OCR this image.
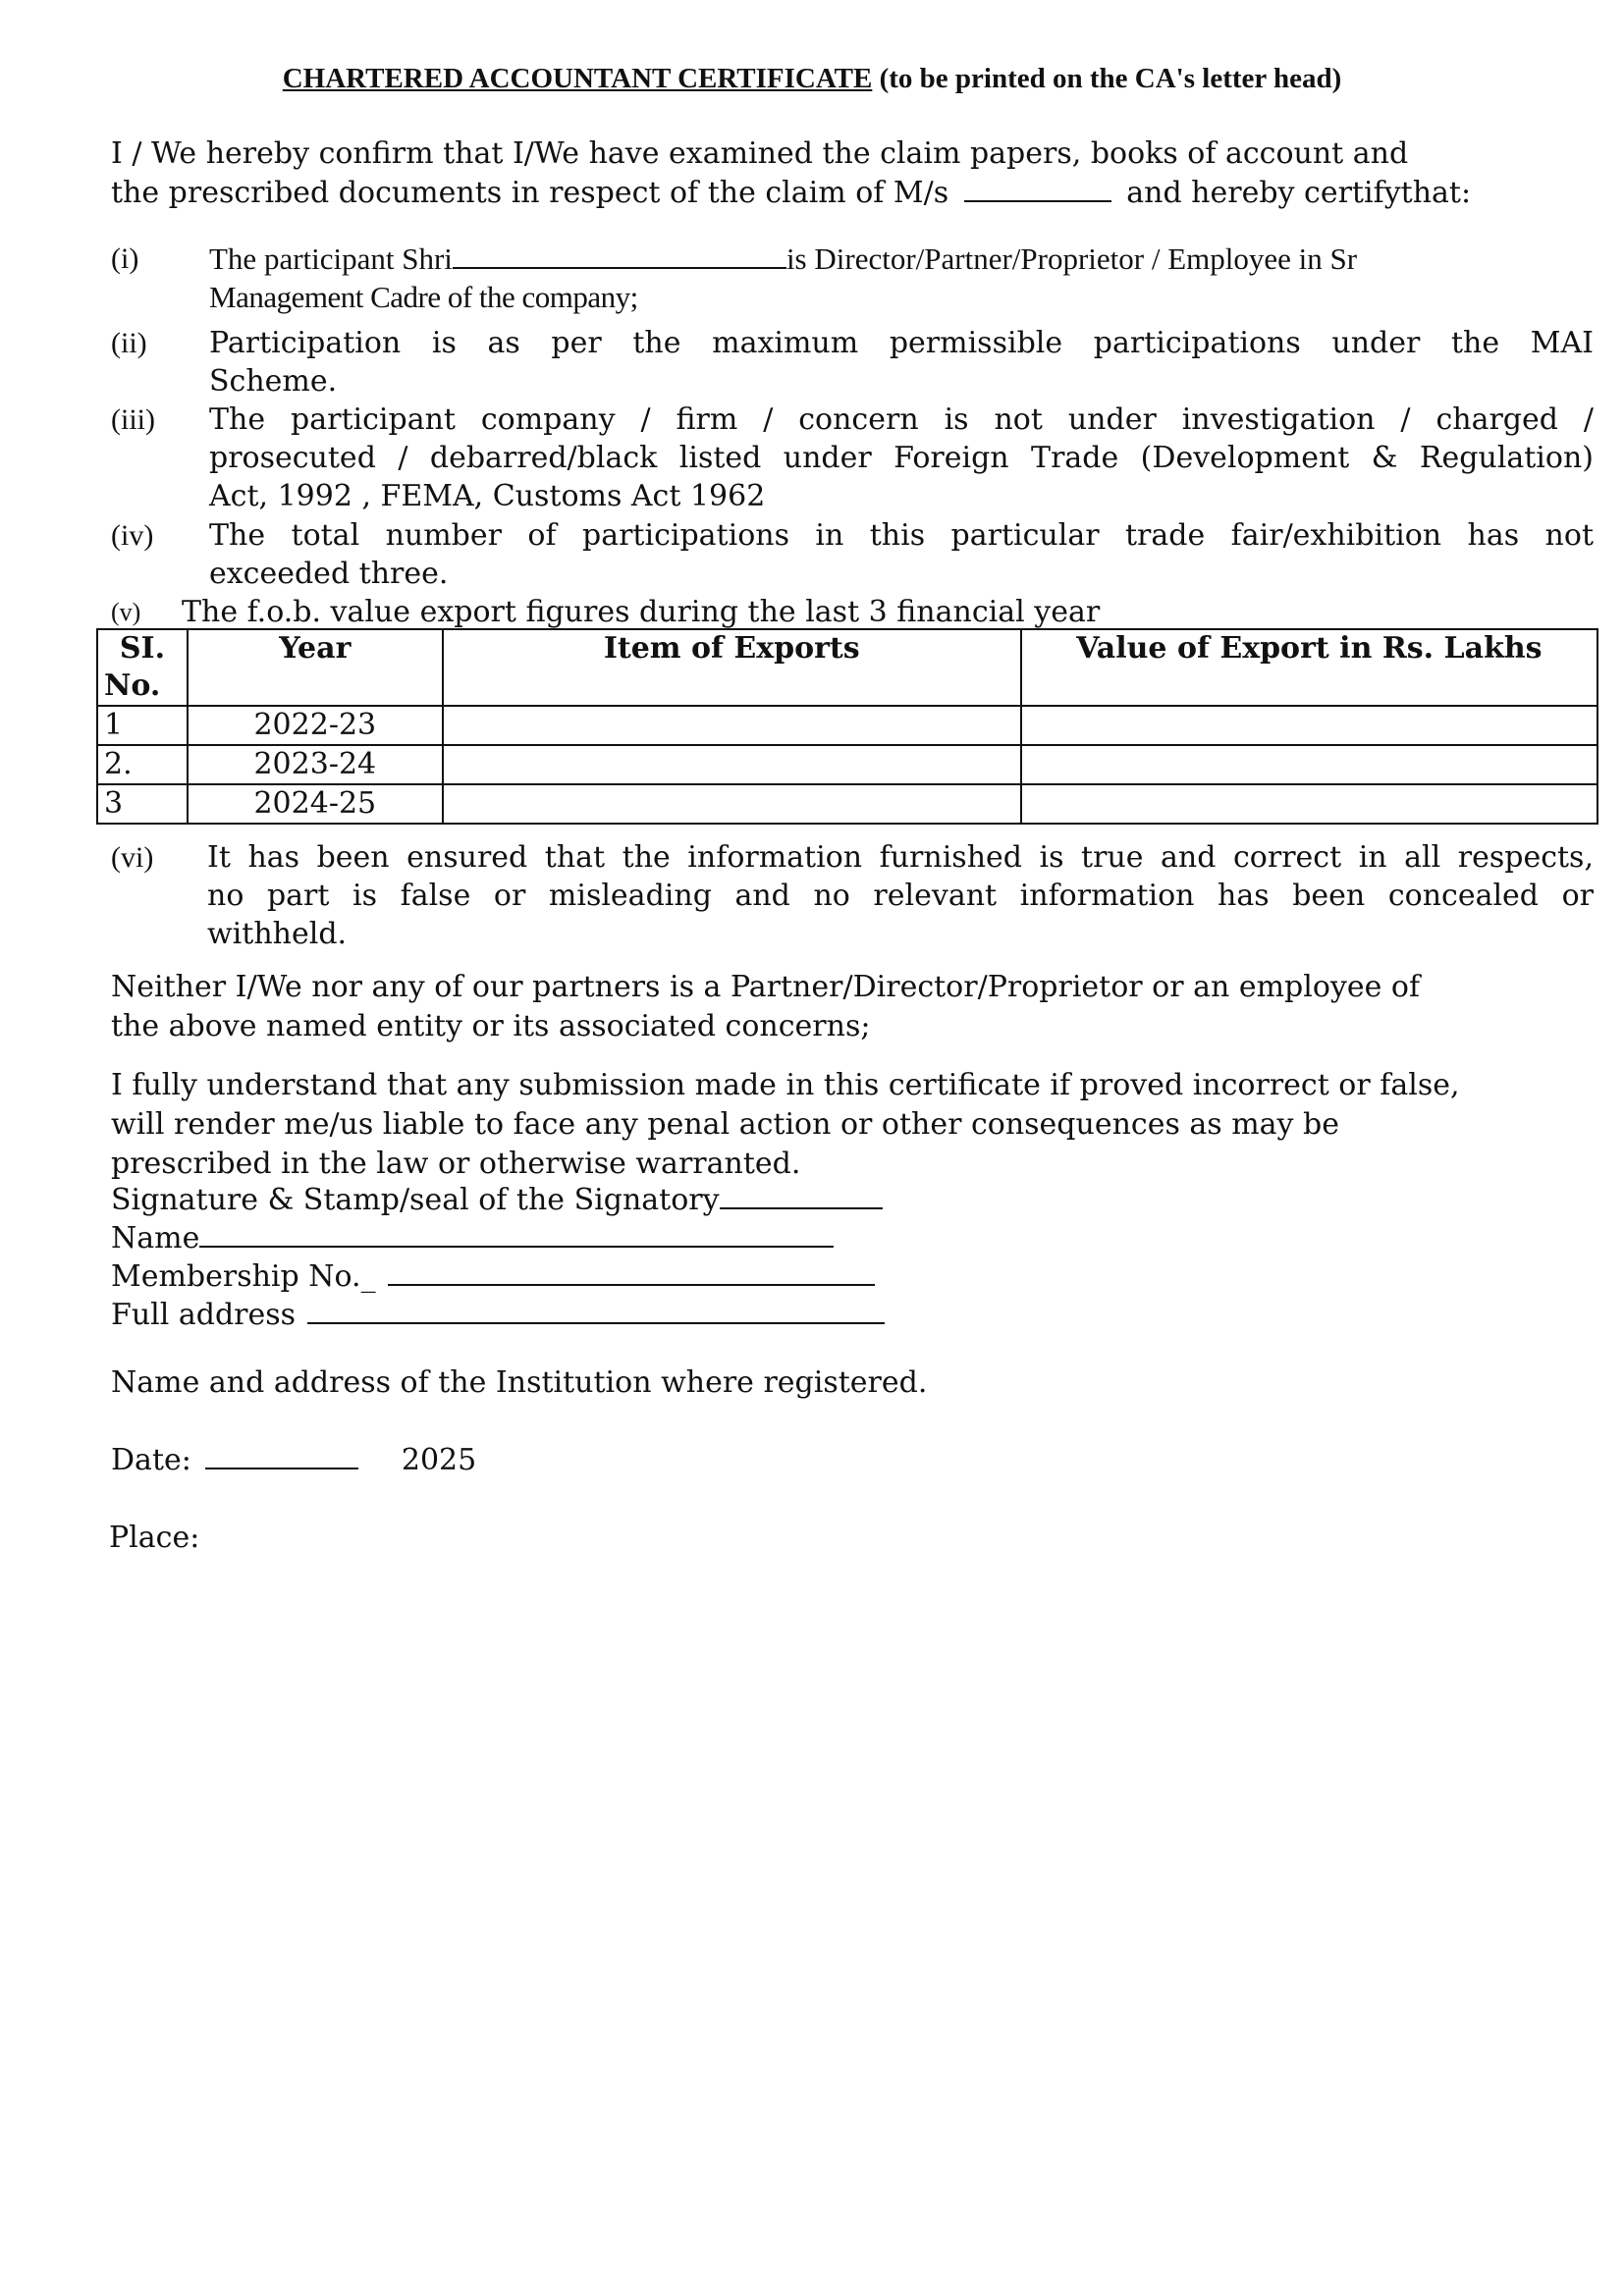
CHARTERED ACCOUNTANT CERTIFICATE (to be printed on the CA's letter head)
I / We hereby confirm that I/We have examined the claim papers, books of account and
the prescribed documents in respect of the claim of M/s	and hereby certifythat:
(i) The participant Shri	is Director/Partner/Proprietor / Employee in Sr
Management Cadre of the company;
(ii) Participation is as per the maximum permissible participations under the MAI
Scheme.
(iii) The participant company / firm / concern is not under investigation / charged /
prosecuted / debarred/black listed under Foreign Trade (Development & Regulation)
Act, 1992 , FEMA, Customs Act 1962
(iv) The total number of participations in this particular trade fair/exhibition has not
exceeded three.
(v) The f.o.b. value export figures during the last 3 financial year
SI.
No.	Year	Item of Exports	Value of Export in Rs. Lakhs
1	2022-23		
2.	2023-24		
3	2024-25		
(vi) It has been ensured that the information furnished is true and correct in all respects,
no part is false or misleading and no relevant information has been concealed or
withheld.
Neither I/We nor any of our partners is a Partner/Director/Proprietor or an employee of
the above named entity or its associated concerns;
I fully understand that any submission made in this certificate if proved incorrect or false,
will render me/us liable to face any penal action or other consequences as may be
prescribed in the law or otherwise warranted.
Signature & Stamp/seal of the Signatory
Name
Membership No._
Full address
Name and address of the Institution where registered.
Date:	2025
Place:
